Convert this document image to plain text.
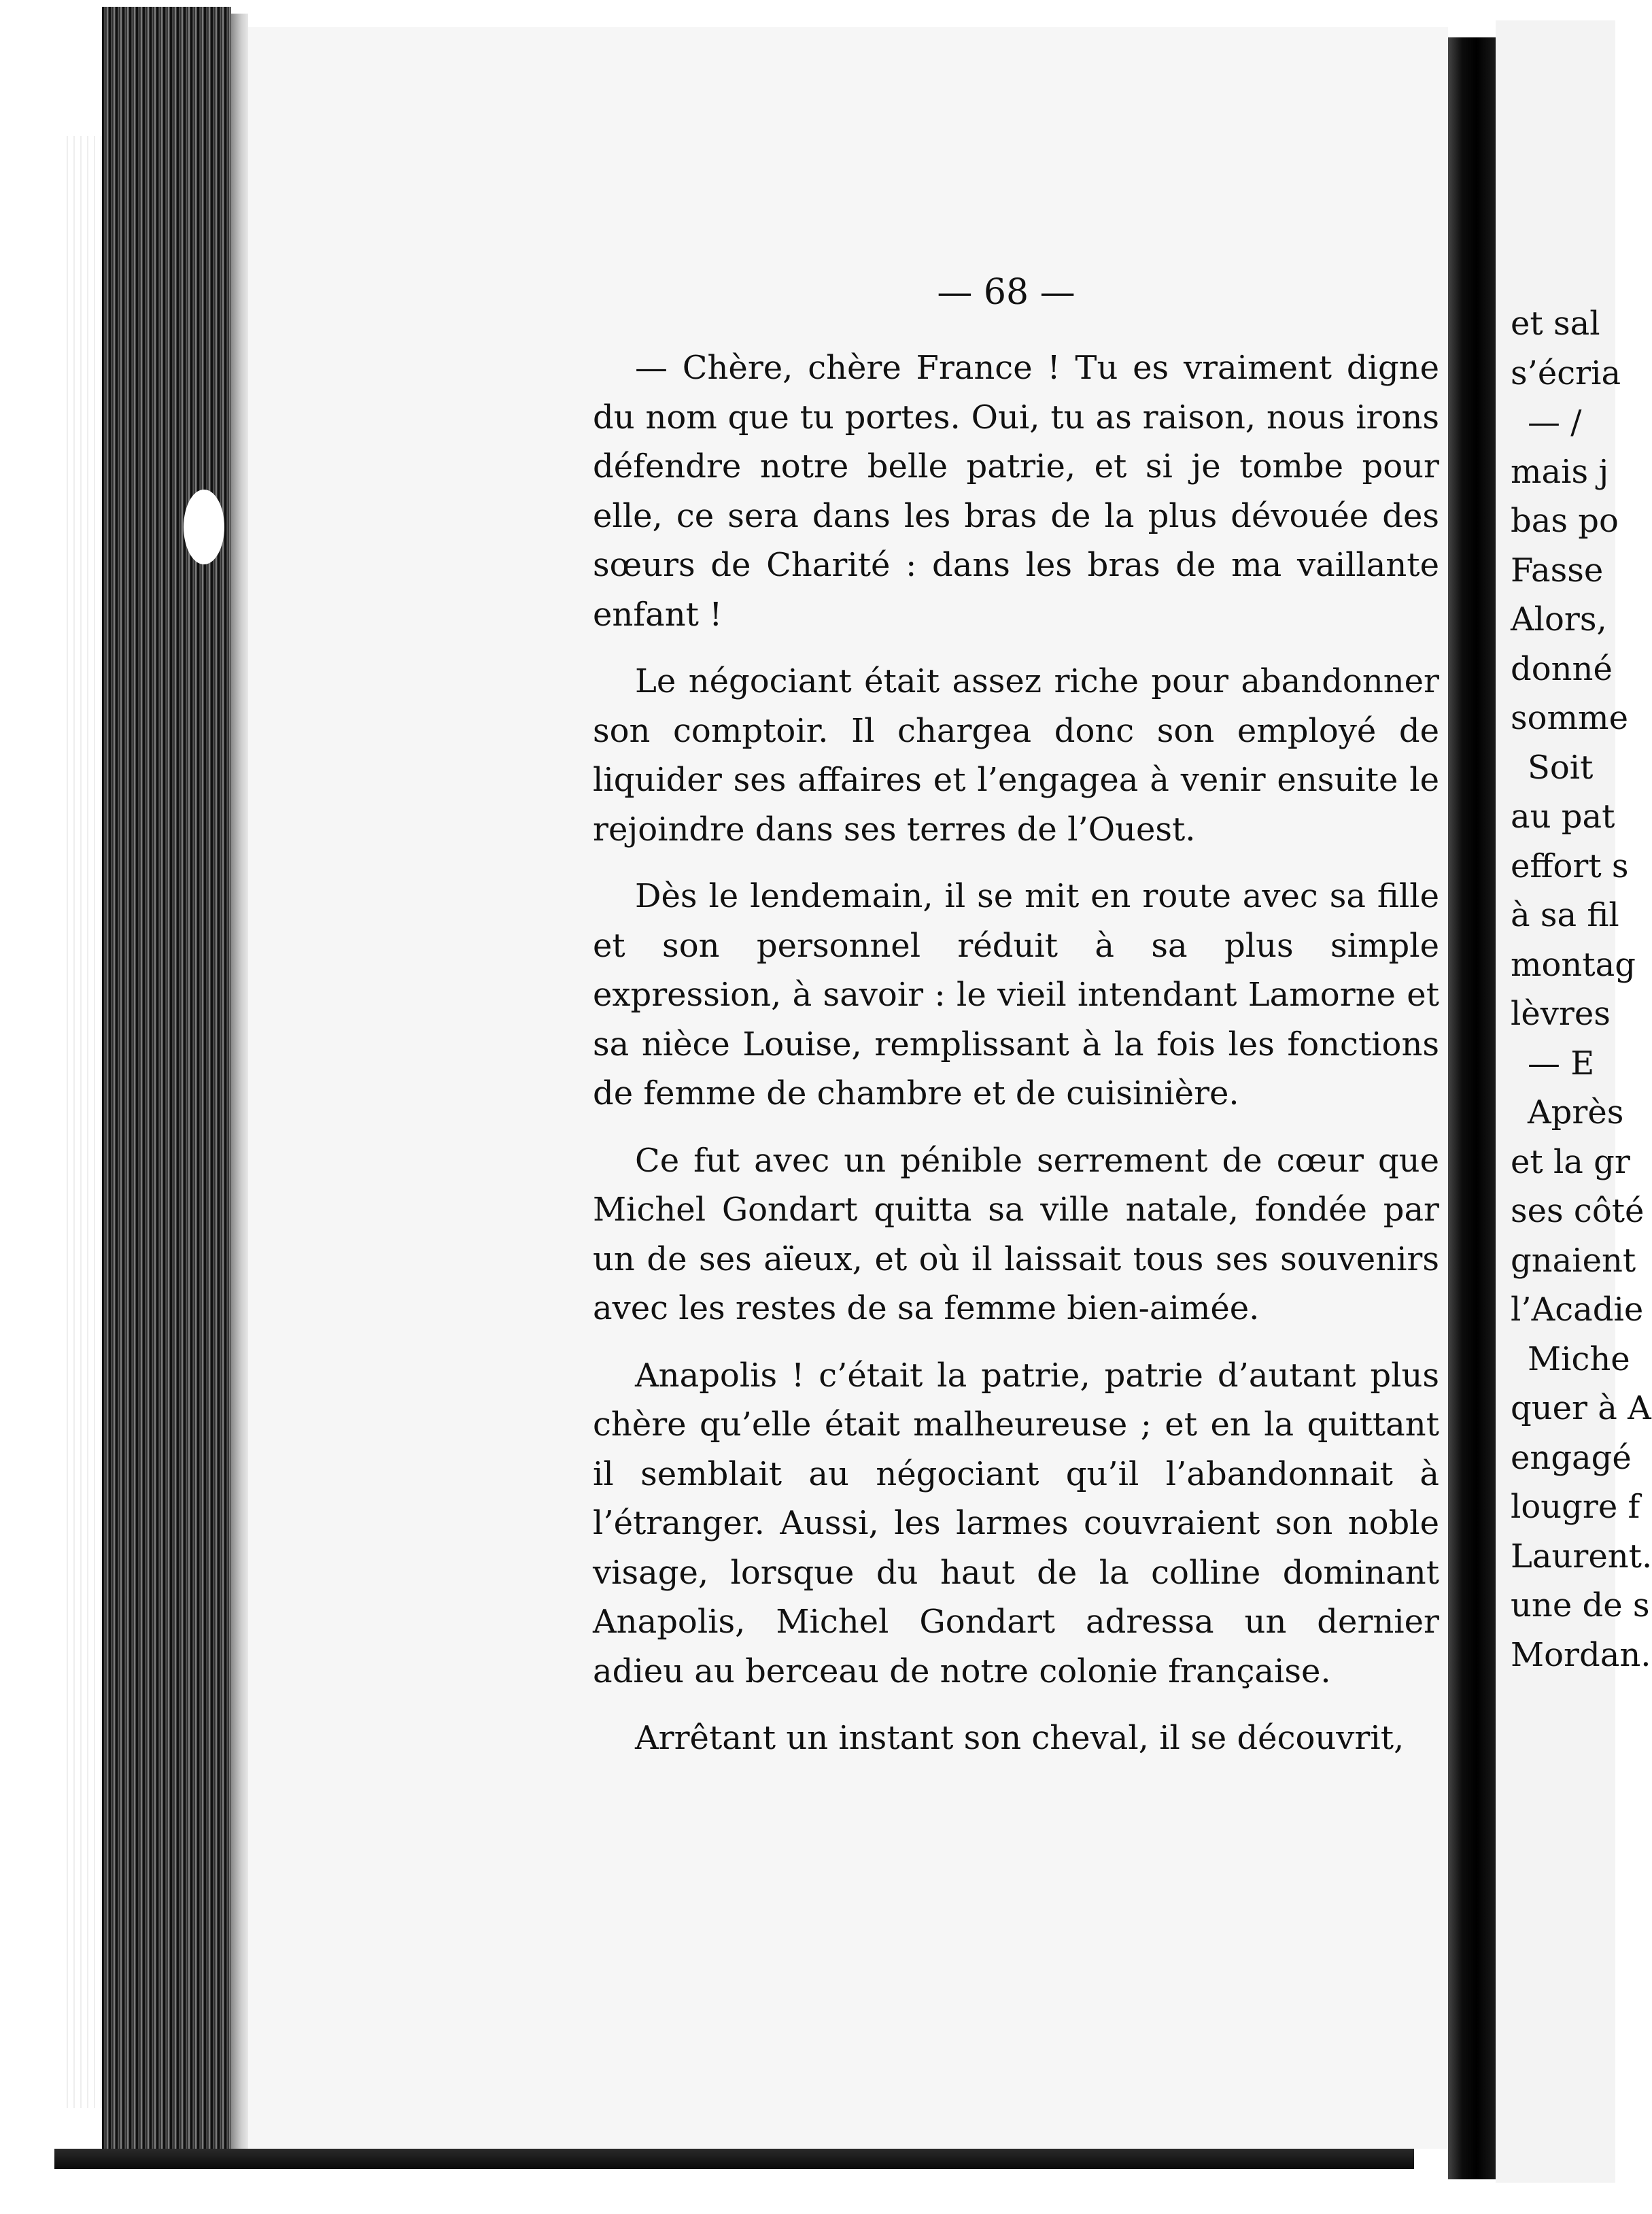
— 68 —

— Chère, chère France ! Tu es vraiment digne du nom que tu portes. Oui, tu as raison, nous irons défendre notre belle patrie, et si je tombe pour elle, ce sera dans les bras de la plus dévouée des sœurs de Charité : dans les bras de ma vaillante enfant !

Le négociant était assez riche pour abandonner son comptoir. Il chargea donc son employé de liquider ses affaires et l’engagea à venir ensuite le rejoindre dans ses terres de l’Ouest.

Dès le lendemain, il se mit en route avec sa fille et son personnel réduit à sa plus simple expression, à savoir : le vieil intendant Lamorne et sa nièce Louise, remplissant à la fois les fonctions de femme de chambre et de cuisinière.

Ce fut avec un pénible serrement de cœur que Michel Gondart quitta sa ville natale, fondée par un de ses aïeux, et où il laissait tous ses souvenirs avec les restes de sa femme bien-aimée.

Anapolis ! c’était la patrie, patrie d’autant plus chère qu’elle était malheureuse ; et en la quittant il semblait au négociant qu’il l’abandonnait à l’étranger. Aussi, les larmes couvraient son noble visage, lorsque du haut de la colline dominant Anapolis, Michel Gondart adressa un dernier adieu au berceau de notre colonie française.

Arrêtant un instant son cheval, il se découvrit,

et sal
s’écria
— /
mais j
bas po
Fasse
Alors,
donné
somme
Soit
au pat
effort s
à sa fil
montag
lèvres
— E
Après
et la gr
ses côté
gnaient
l’Acadie
Miche
quer à A
engagé
lougre f
Laurent.
une de s
Mordan.
